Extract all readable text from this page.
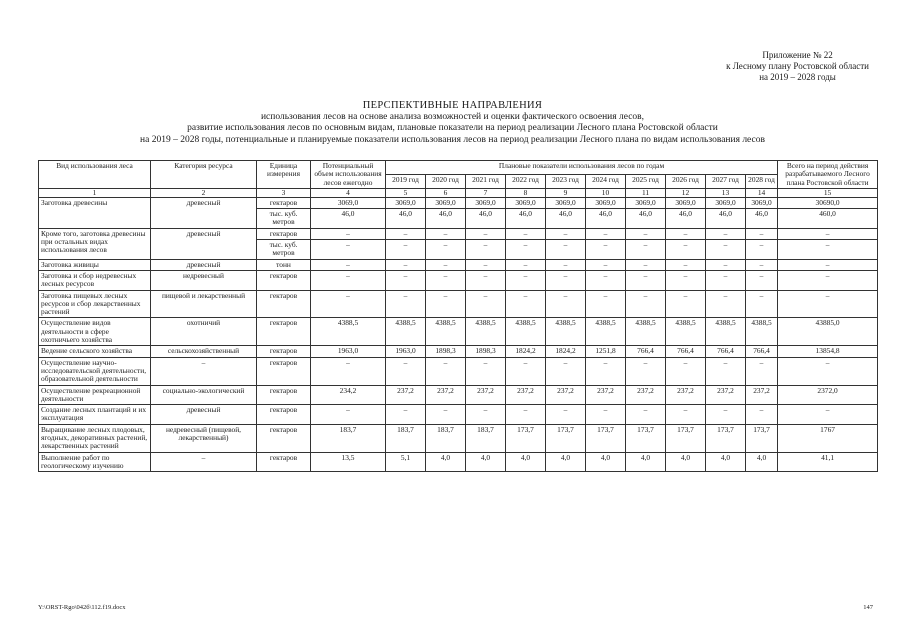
Приложение № 22
к Лесному плану Ростовской области
на 2019 – 2028 годы
ПЕРСПЕКТИВНЫЕ НАПРАВЛЕНИЯ
использования лесов на основе анализа возможностей и оценки фактического освоения лесов,
развитие использования лесов по основным видам, плановые показатели на период реализации Лесного плана Ростовской области
на 2019 – 2028 годы, потенциальные и планируемые показатели использования лесов на период реализации Лесного плана по видам использования лесов
Вид использования леса	Категория ресурса	Единица измерения	Потенциальный объем использования лесов ежегодно	Плановые показатели использования лесов по годам										Всего на период действия разрабатываемого Лесного плана Ростовской области
				2019 год	2020 год	2021 год	2022 год	2023 год	2024 год	2025 год	2026 год	2027 год	2028 год	
1	2	3	4	5	6	7	8	9	10	11	12	13	14	15
Заготовка древесины	древесный	гектаров	3069,0	3069,0	3069,0	3069,0	3069,0	3069,0	3069,0	3069,0	3069,0	3069,0	3069,0	30690,0
		тыс. куб. метров	46,0	46,0	46,0	46,0	46,0	46,0	46,0	46,0	46,0	46,0	46,0	460,0
Кроме того, заготовка древесины при остальных видах использования лесов	древесный	гектаров	–	–	–	–	–	–	–	–	–	–	–	–
		тыс. куб. метров	–	–	–	–	–	–	–	–	–	–	–	–
Заготовка живицы	древесный	тонн	–	–	–	–	–	–	–	–	–	–	–	–
Заготовка и сбор недревесных лесных ресурсов	недревесный	гектаров	–	–	–	–	–	–	–	–	–	–	–	–
Заготовка пищевых лесных ресурсов и сбор лекарственных растений	пищевой и лекарственный	гектаров	–	–	–	–	–	–	–	–	–	–	–	–
Осуществление видов деятельности в сфере охотничьего хозяйства	охотничий	гектаров	4388,5	4388,5	4388,5	4388,5	4388,5	4388,5	4388,5	4388,5	4388,5	4388,5	4388,5	43885,0
Ведение сельского хозяйства	сельскохозяйственный	гектаров	1963,0	1963,0	1898,3	1898,3	1824,2	1824,2	1251,8	766,4	766,4	766,4	766,4	13854,8
Осуществление научно-исследовательской деятельности, образовательной деятельности	–	гектаров	–	–	–	–	–	–	–	–	–	–	–	–
Осуществление рекреационной деятельности	социально-экологический	гектаров	234,2	237,2	237,2	237,2	237,2	237,2	237,2	237,2	237,2	237,2	237,2	2372,0
Создание лесных плантаций и их эксплуатация	древесный	гектаров	–	–	–	–	–	–	–	–	–	–	–	–
Выращивание лесных плодовых, ягодных, декоративных растений, лекарственных растений	недревесный (пищевой, лекарственный)	гектаров	183,7	183,7	183,7	183,7	173,7	173,7	173,7	173,7	173,7	173,7	173,7	1767
Выполнение работ по геологическому изучению	–	гектаров	13,5	5,1	4,0	4,0	4,0	4,0	4,0	4,0	4,0	4,0	4,0	41,1
Y:\ORST-Rgo\042б\112.f19.docx	147
